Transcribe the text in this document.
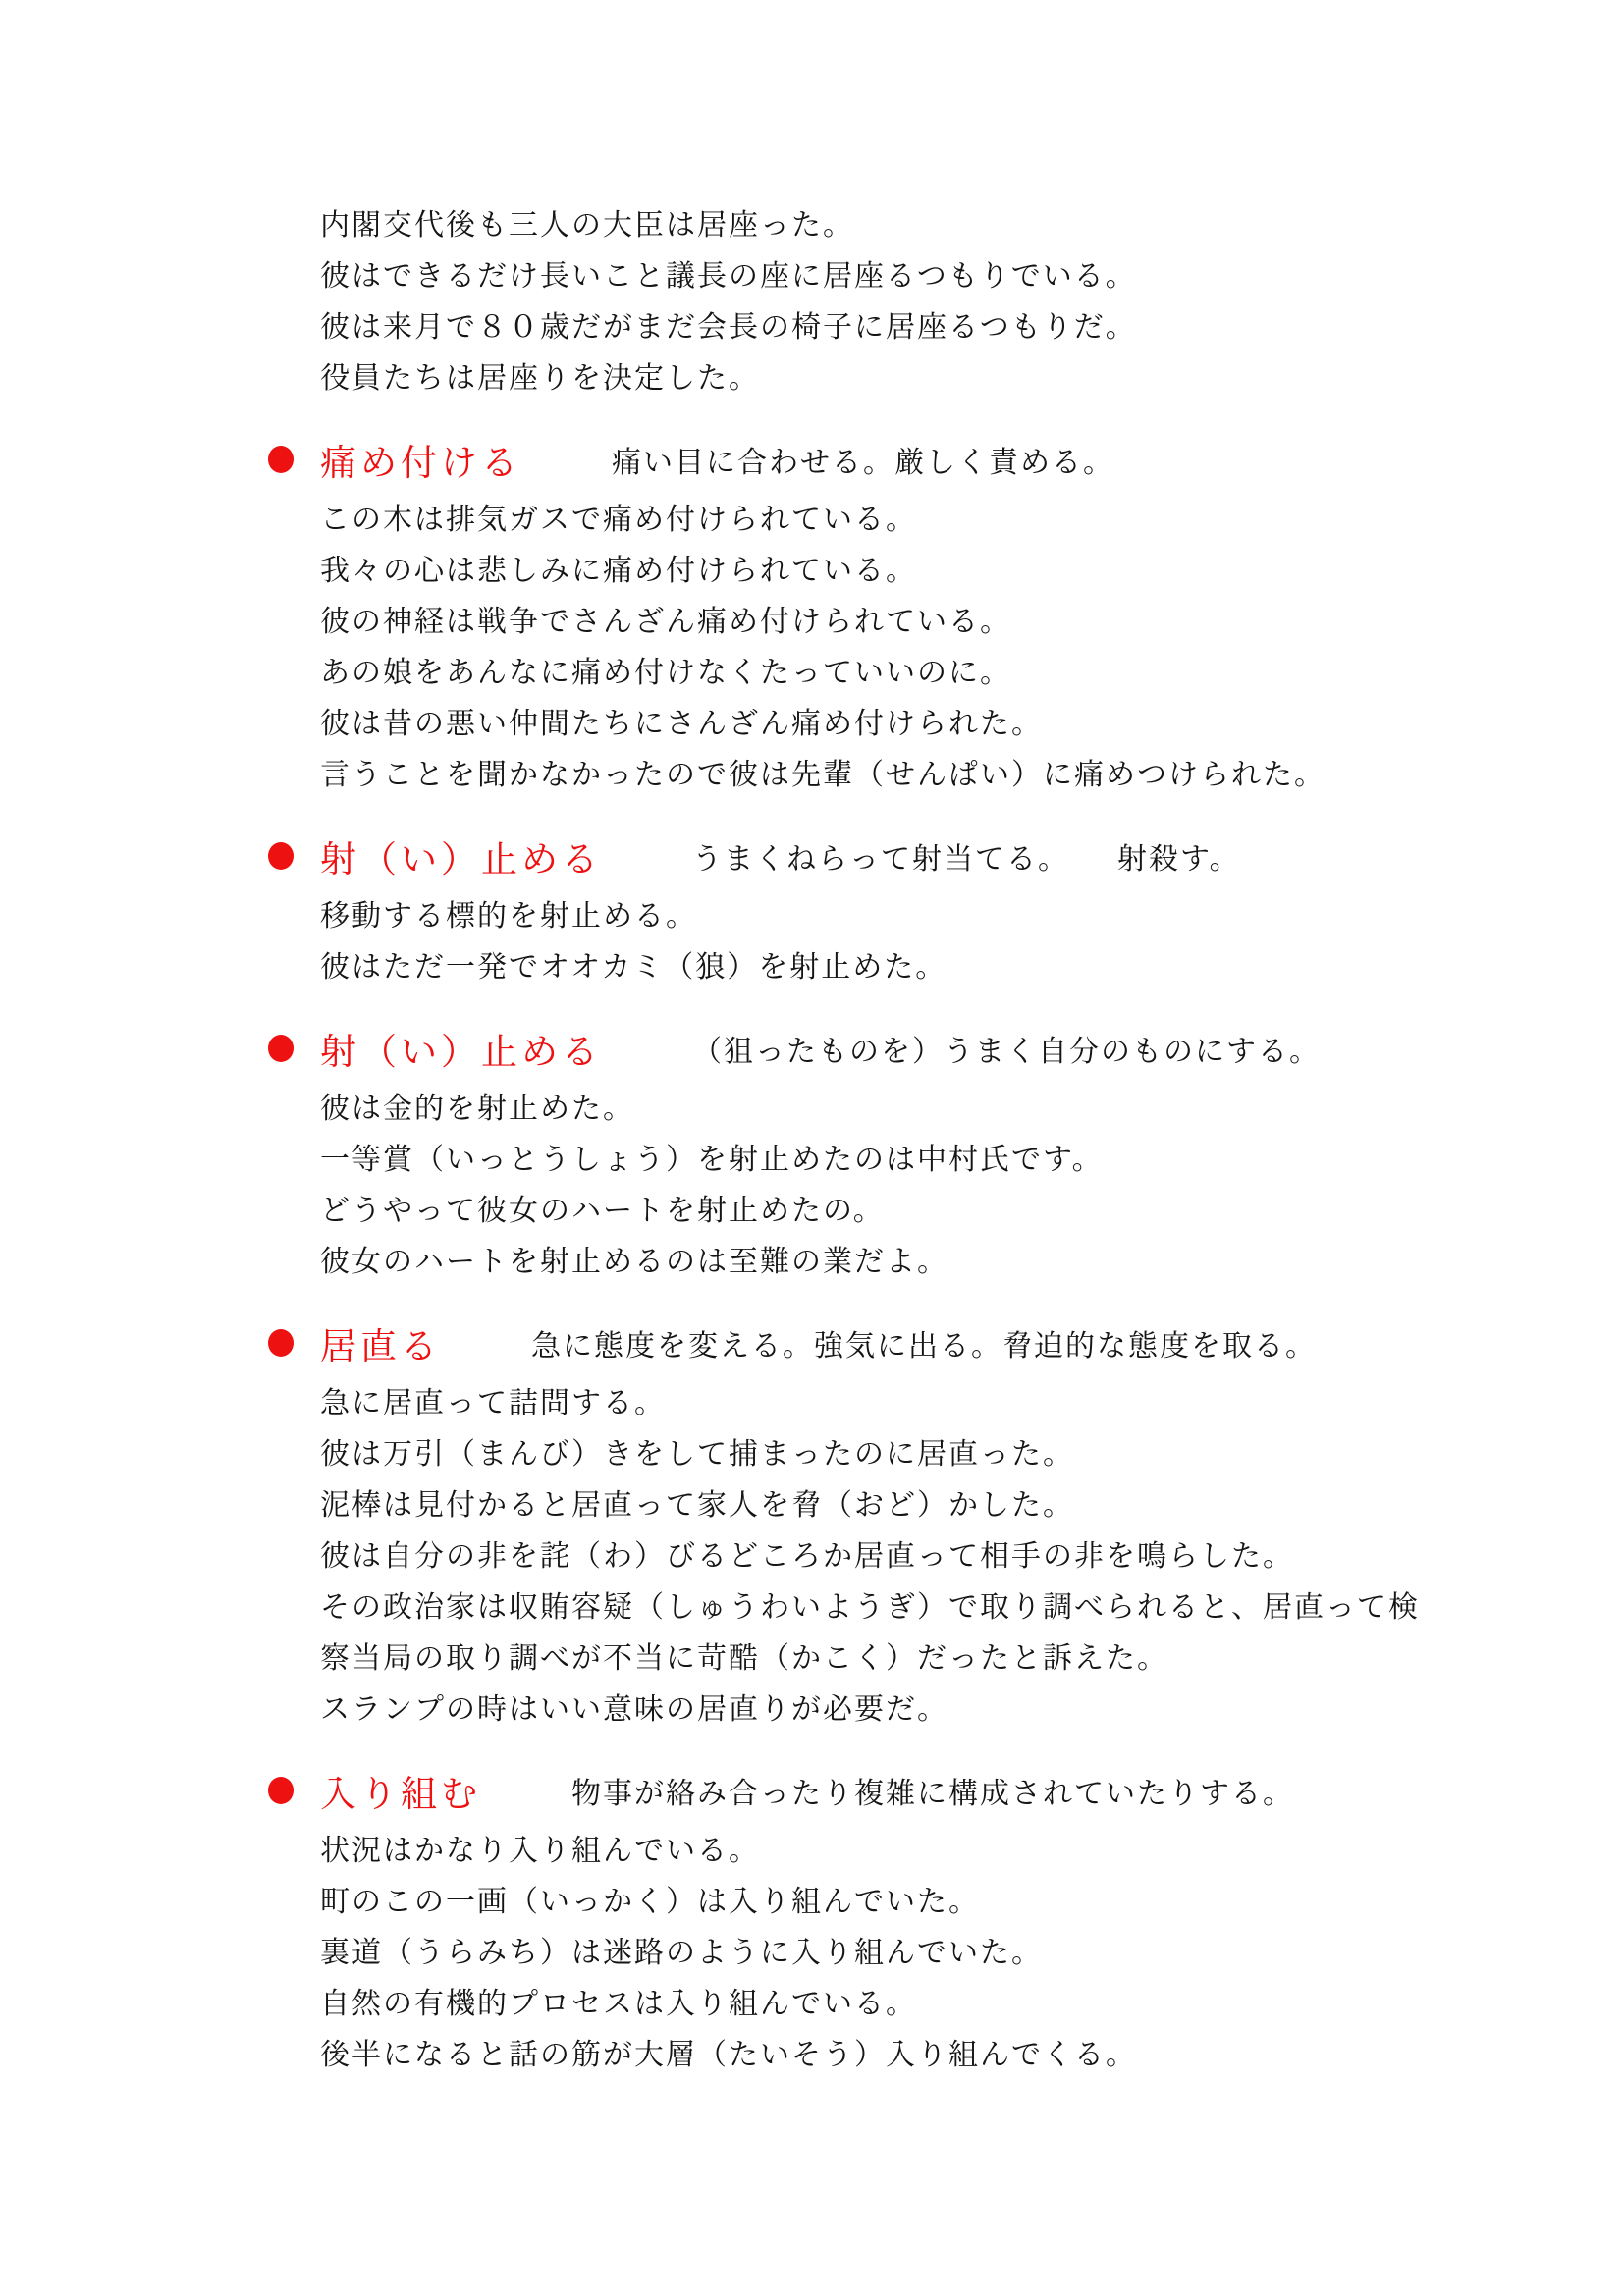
内閣交代後も三人の大臣は居座った。

彼はできるだけ長いこと議長の座に居座るつもりでいる。

彼は来月で８０歳だがまだ会長の椅子に居座るつもりだ。

役員たちは居座りを決定した。

痛め付ける	痛い目に合わせる。厳しく責める。

この木は排気ガスで痛め付けられている。

我々の心は悲しみに痛め付けられている。

彼の神経は戦争でさんざん痛め付けられている。

あの娘をあんなに痛め付けなくたっていいのに。

彼は昔の悪い仲間たちにさんざん痛め付けられた。

言うことを聞かなかったので彼は先輩（せんぱい）に痛めつけられた。

射（い）止める	うまくねらって射当てる。　　射殺す。

移動する標的を射止める。

彼はただ一発でオオカミ（狼）を射止めた。

射（い）止める	（狙ったものを）うまく自分のものにする。

彼は金的を射止めた。

一等賞（いっとうしょう）を射止めたのは中村氏です。

どうやって彼女のハートを射止めたの。

彼女のハートを射止めるのは至難の業だよ。

居直る	急に態度を変える。強気に出る。脅迫的な態度を取る。

急に居直って詰問する。

彼は万引（まんび）きをして捕まったのに居直った。

泥棒は見付かると居直って家人を脅（おど）かした。

彼は自分の非を詫（わ）びるどころか居直って相手の非を鳴らした。

その政治家は収賄容疑（しゅうわいようぎ）で取り調べられると、居直って検察当局の取り調べが不当に苛酷（かこく）だったと訴えた。

スランプの時はいい意味の居直りが必要だ。

入り組む	物事が絡み合ったり複雑に構成されていたりする。

状況はかなり入り組んでいる。

町のこの一画（いっかく）は入り組んでいた。

裏道（うらみち）は迷路のように入り組んでいた。

自然の有機的プロセスは入り組んでいる。

後半になると話の筋が大層（たいそう）入り組んでくる。
